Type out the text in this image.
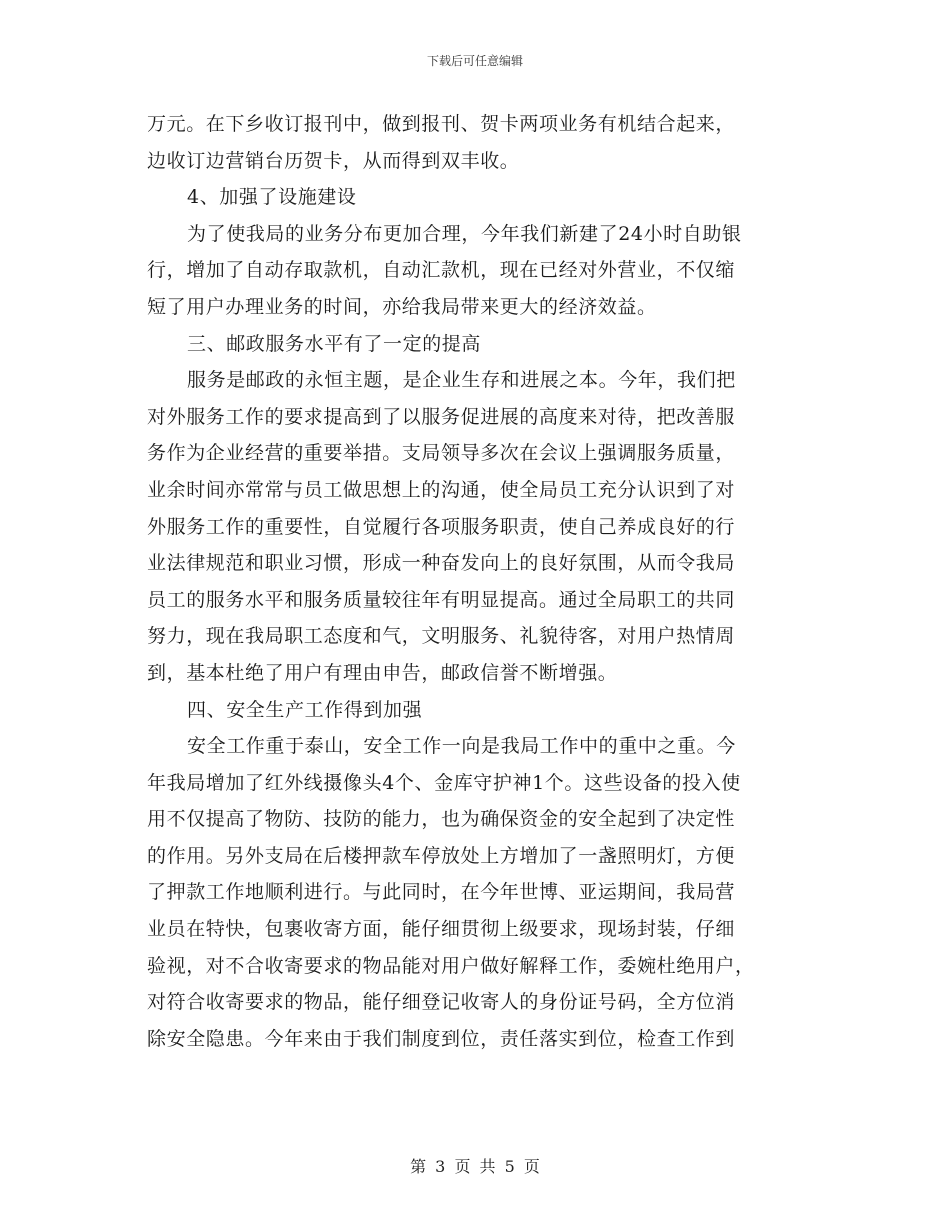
下载后可任意编辑
万元。在下乡收订报刊中，做到报刊、贺卡两项业务有机结合起来，
边收订边营销台历贺卡，从而得到双丰收。
4、加强了设施建设
为了使我局的业务分布更加合理，今年我们新建了24小时自助银
行，增加了自动存取款机，自动汇款机，现在已经对外营业，不仅缩
短了用户办理业务的时间，亦给我局带来更大的经济效益。
三、邮政服务水平有了一定的提高
服务是邮政的永恒主题，是企业生存和进展之本。今年，我们把
对外服务工作的要求提高到了以服务促进展的高度来对待，把改善服
务作为企业经营的重要举措。支局领导多次在会议上强调服务质量，
业余时间亦常常与员工做思想上的沟通，使全局员工充分认识到了对
外服务工作的重要性，自觉履行各项服务职责，使自己养成良好的行
业法律规范和职业习惯，形成一种奋发向上的良好氛围，从而令我局
员工的服务水平和服务质量较往年有明显提高。通过全局职工的共同
努力，现在我局职工态度和气，文明服务、礼貌待客，对用户热情周
到，基本杜绝了用户有理由申告，邮政信誉不断增强。
四、安全生产工作得到加强
安全工作重于泰山，安全工作一向是我局工作中的重中之重。今
年我局增加了红外线摄像头4个、金库守护神1个。这些设备的投入使
用不仅提高了物防、技防的能力，也为确保资金的安全起到了决定性
的作用。另外支局在后楼押款车停放处上方增加了一盏照明灯，方便
了押款工作地顺利进行。与此同时，在今年世博、亚运期间，我局营
业员在特快，包裹收寄方面，能仔细贯彻上级要求，现场封装，仔细
验视，对不合收寄要求的物品能对用户做好解释工作，委婉杜绝用户，
对符合收寄要求的物品，能仔细登记收寄人的身份证号码，全方位消
除安全隐患。今年来由于我们制度到位，责任落实到位，检查工作到
第 3 页 共 5 页
